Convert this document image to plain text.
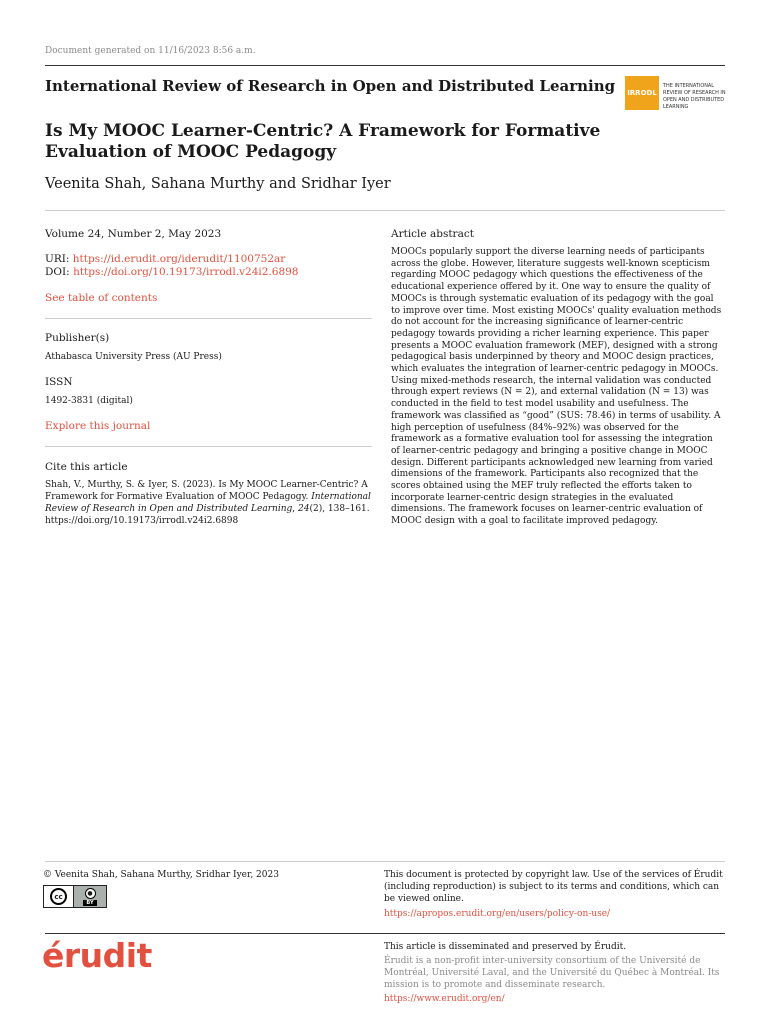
Document generated on 11/16/2023 8:56 a.m.
International Review of Research in Open and Distributed Learning	IRRODL
THE INTERNATIONAL REVIEW OF RESEARCH IN OPEN AND DISTRIBUTED LEARNING
Is My MOOC Learner-Centric? A Framework for Formative Evaluation of MOOC Pedagogy
Veenita Shah, Sahana Murthy and Sridhar Iyer
Volume 24, Number 2, May 2023
URI: https://id.erudit.org/iderudit/1100752ar
DOI: https://doi.org/10.19173/irrodl.v24i2.6898
See table of contents
Publisher(s)
Athabasca University Press (AU Press)
ISSN
1492-3831 (digital)
Explore this journal
Cite this article
Shah, V., Murthy, S. & Iyer, S. (2023). Is My MOOC Learner-Centric? A Framework for Formative Evaluation of MOOC Pedagogy. International Review of Research in Open and Distributed Learning, 24(2), 138–161. https://doi.org/10.19173/irrodl.v24i2.6898
Article abstract
MOOCs popularly support the diverse learning needs of participants across the globe. However, literature suggests well-known scepticism regarding MOOC pedagogy which questions the effectiveness of the educational experience offered by it. One way to ensure the quality of MOOCs is through systematic evaluation of its pedagogy with the goal to improve over time. Most existing MOOCs' quality evaluation methods do not account for the increasing significance of learner-centric pedagogy towards providing a richer learning experience. This paper presents a MOOC evaluation framework (MEF), designed with a strong pedagogical basis underpinned by theory and MOOC design practices, which evaluates the integration of learner-centric pedagogy in MOOCs. Using mixed-methods research, the internal validation was conducted through expert reviews (N = 2), and external validation (N = 13) was conducted in the field to test model usability and usefulness. The framework was classified as “good” (SUS: 78.46) in terms of usability. A high perception of usefulness (84%–92%) was observed for the framework as a formative evaluation tool for assessing the integration of learner-centric pedagogy and bringing a positive change in MOOC design. Different participants acknowledged new learning from varied dimensions of the framework. Participants also recognized that the scores obtained using the MEF truly reflected the efforts taken to incorporate learner-centric design strategies in the evaluated dimensions. The framework focuses on learner-centric evaluation of MOOC design with a goal to facilitate improved pedagogy.
© Veenita Shah, Sahana Murthy, Sridhar Iyer, 2023
cc	●
BY
This document is protected by copyright law. Use of the services of Érudit (including reproduction) is subject to its terms and conditions, which can be viewed online.
https://apropos.erudit.org/en/users/policy-on-use/
érudit	This article is disseminated and preserved by Érudit.
Érudit is a non-profit inter-university consortium of the Université de Montréal, Université Laval, and the Université du Québec à Montréal. Its mission is to promote and disseminate research.
https://www.erudit.org/en/
